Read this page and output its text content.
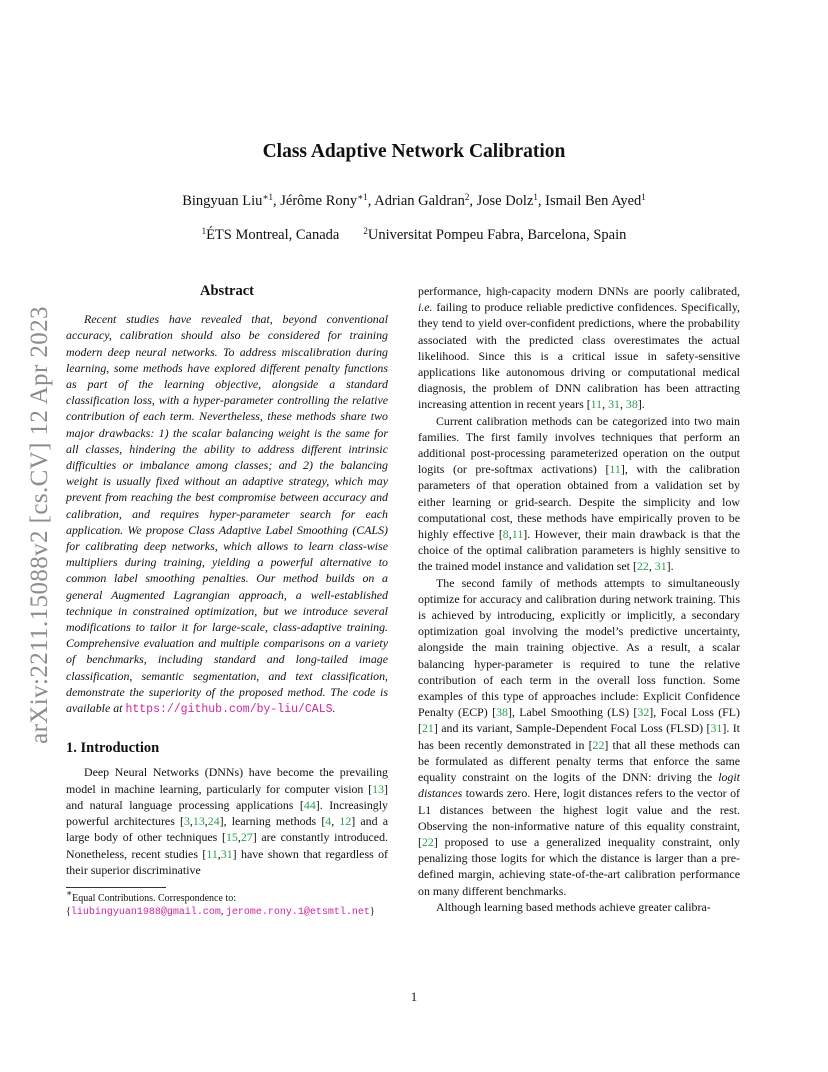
arXiv:2211.15088v2 [cs.CV] 12 Apr 2023
Class Adaptive Network Calibration
Bingyuan Liu$^{∗1}$, Jérôme Rony$^{∗1}$, Adrian Galdran$^2$, Jose Dolz$^1$, Ismail Ben Ayed$^1$
$^1$ÉTS Montreal, Canada	$^2$Universitat Pompeu Fabra, Barcelona, Spain
Abstract

Recent studies have revealed that, beyond conventional accuracy, calibration should also be considered for training modern deep neural networks. To address miscalibration during learning, some methods have explored different penalty functions as part of the learning objective, alongside a standard classification loss, with a hyper-parameter controlling the relative contribution of each term. Nevertheless, these methods share two major drawbacks: 1) the scalar balancing weight is the same for all classes, hindering the ability to address different intrinsic difficulties or imbalance among classes; and 2) the balancing weight is usually fixed without an adaptive strategy, which may prevent from reaching the best compromise between accuracy and calibration, and requires hyper-parameter search for each application. We propose Class Adaptive Label Smoothing (CALS) for calibrating deep networks, which allows to learn class-wise multipliers during training, yielding a powerful alternative to common label smoothing penalties. Our method builds on a general Augmented Lagrangian approach, a well-established technique in constrained optimization, but we introduce several modifications to tailor it for large-scale, class-adaptive training. Comprehensive evaluation and multiple comparisons on a variety of benchmarks, including standard and long-tailed image classification, semantic segmentation, and text classification, demonstrate the superiority of the proposed method. The code is available at https://github.com/by-liu/CALS.

1. Introduction

Deep Neural Networks (DNNs) have become the prevailing model in machine learning, particularly for computer vision [13] and natural language processing applications [44]. Increasingly powerful architectures [3,13,24], learning methods [4, 12] and a large body of other techniques [15,27] are constantly introduced. Nonetheless, recent studies [11,31] have shown that regardless of their superior discriminative

∗Equal Contributions. Correspondence to: {liubingyuan1988@gmail.com, jerome.rony.1@etsmtl.net}

performance, high-capacity modern DNNs are poorly calibrated, i.e. failing to produce reliable predictive confidences. Specifically, they tend to yield over-confident predictions, where the probability associated with the predicted class overestimates the actual likelihood. Since this is a critical issue in safety-sensitive applications like autonomous driving or computational medical diagnosis, the problem of DNN calibration has been attracting increasing attention in recent years [11, 31, 38].

Current calibration methods can be categorized into two main families. The first family involves techniques that perform an additional post-processing parameterized operation on the output logits (or pre-softmax activations) [11], with the calibration parameters of that operation obtained from a validation set by either learning or grid-search. Despite the simplicity and low computational cost, these methods have empirically proven to be highly effective [8,11]. However, their main drawback is that the choice of the optimal calibration parameters is highly sensitive to the trained model instance and validation set [22, 31].

The second family of methods attempts to simultaneously optimize for accuracy and calibration during network training. This is achieved by introducing, explicitly or implicitly, a secondary optimization goal involving the model’s predictive uncertainty, alongside the main training objective. As a result, a scalar balancing hyper-parameter is required to tune the relative contribution of each term in the overall loss function. Some examples of this type of approaches include: Explicit Confidence Penalty (ECP) [38], Label Smoothing (LS) [32], Focal Loss (FL) [21] and its variant, Sample-Dependent Focal Loss (FLSD) [31]. It has been recently demonstrated in [22] that all these methods can be formulated as different penalty terms that enforce the same equality constraint on the logits of the DNN: driving the logit distances towards zero. Here, logit distances refers to the vector of L1 distances between the highest logit value and the rest. Observing the non-informative nature of this equality constraint, [22] proposed to use a generalized inequality constraint, only penalizing those logits for which the distance is larger than a pre-defined margin, achieving state-of-the-art calibration performance on many different benchmarks.

Although learning based methods achieve greater calibra-

1
